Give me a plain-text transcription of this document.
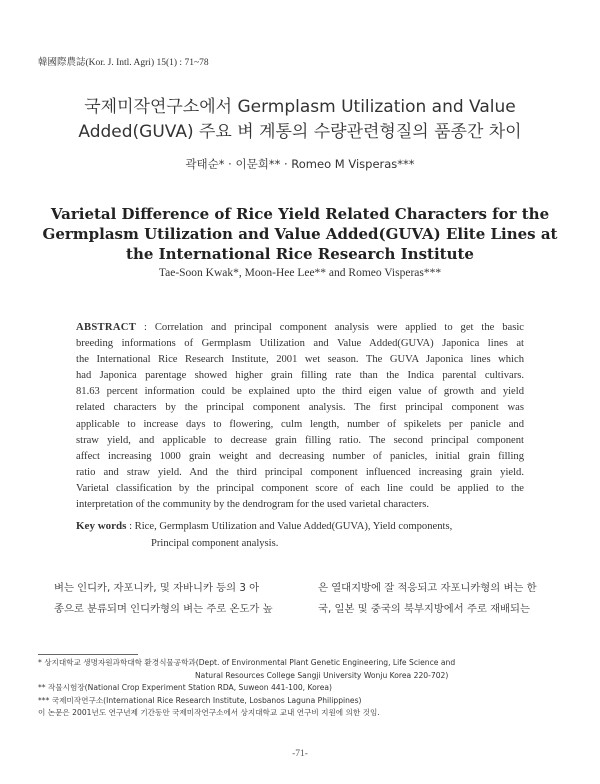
韓國際農誌(Kor. J. Intl. Agri) 15(1) : 71~78
국제미작연구소에서 Germplasm Utilization and Value
Added(GUVA) 주요 벼 계통의 수량관련형질의 품종간 차이
곽태순* · 이문희** · Romeo M Visperas***
Varietal Difference of Rice Yield Related Characters for the
Germplasm Utilization and Value Added(GUVA) Elite Lines at
the International Rice Research Institute
Tae-Soon Kwak*, Moon-Hee Lee** and Romeo Visperas***
ABSTRACT : Correlation and principal component analysis were applied to get the basic
breeding informations of Germplasm Utilization and Value Added(GUVA) Japonica lines at
the International Rice Research Institute, 2001 wet season. The GUVA Japonica lines which
had Japonica parentage showed higher grain filling rate than the Indica parental cultivars.
81.63 percent information could be explained upto the third eigen value of growth and yield
related characters by the principal component analysis. The first principal component was
applicable to increase days to flowering, culm length, number of spikelets per panicle and
straw yield, and applicable to decrease grain filling ratio. The second principal component
affect increasing 1000 grain weight and decreasing number of panicles, initial grain filling
ratio and straw yield. And the third principal component influenced increasing grain yield.
Varietal classification by the principal component score of each line could be applied to the
interpretation of the community by the dendrogram for the used varietal characters.
Key words : Rice, Germplasm Utilization and Value Added(GUVA), Yield components,
Principal component analysis.
벼는 인디카, 자포니카, 및 자바니카 등의 3 아
종으로 분류되며 인디카형의 벼는 주로 온도가 높
은 열대지방에 잘 적응되고 자포니카형의 벼는 한
국, 일본 및 중국의 북부지방에서 주로 재배되는
* 상지대학교 생명자원과학대학 환경식물공학과(Dept. of Environmental Plant Genetic Engineering, Life Science and
Natural Resources College Sangji University Wonju Korea 220-702)
** 작물시험장(National Crop Experiment Station RDA, Suweon 441-100, Korea)
*** 국제미작연구소(International Rice Research Institute, Losbanos Laguna Philippines)
이 논문은 2001년도 연구년제 기간동안 국제미작연구소에서 상지대학교 교내 연구비 지원에 의한 것임.
-71-
